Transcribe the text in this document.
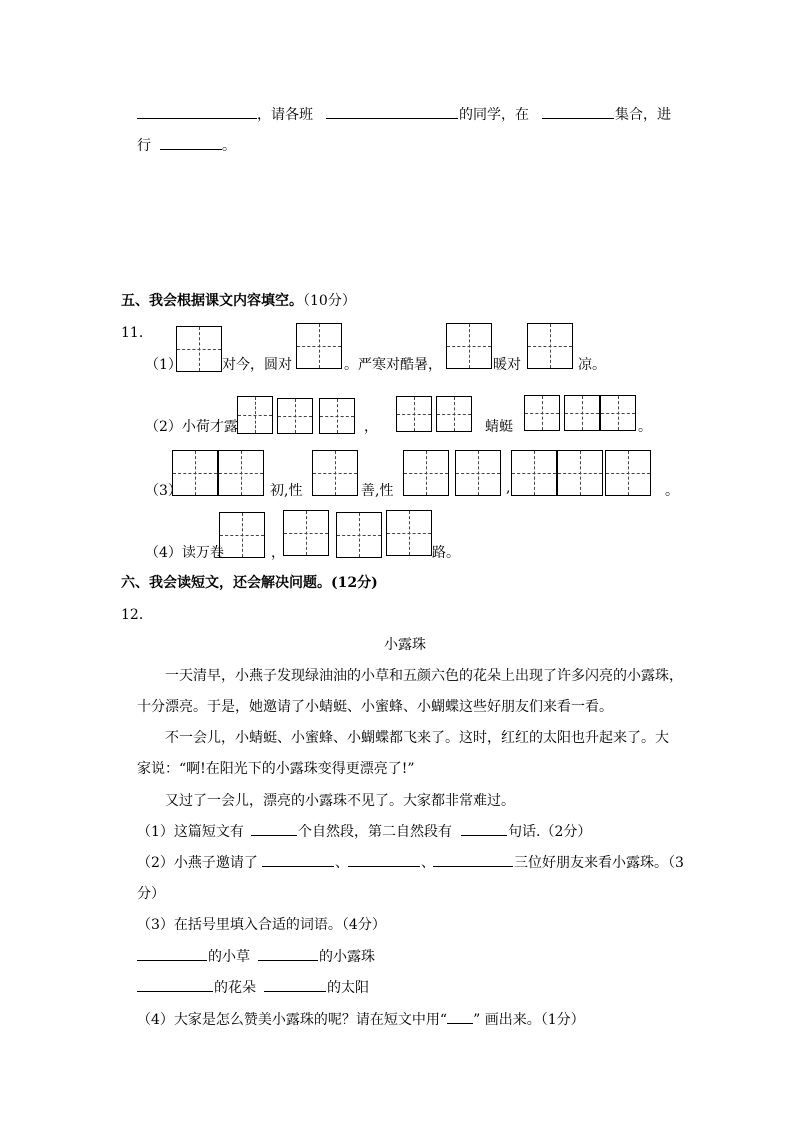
，请各班	的同学，在	集合，进
行	。
五、我会根据课文内容填空。（10分）
11．
（1）	对今，圆对	。严寒对酷暑，	暖对	凉。
（2）小荷才露	，	蜻蜓	。
（3）	初,性	善,性	,	。
（4）读万卷	，	路。
六、我会读短文，还会解决问题。(12分)
12．
小露珠
一天清早，小燕子发现绿油油的小草和五颜六色的花朵上出现了许多闪亮的小露珠，
十分漂亮。于是，她邀请了小蜻蜓、小蜜蜂、小蝴蝶这些好朋友们来看一看。
不一会儿，小蜻蜓、小蜜蜂、小蝴蝶都飞来了。这时，红红的太阳也升起来了。大
家说：“啊!在阳光下的小露珠变得更漂亮了!”
又过了一会儿，漂亮的小露珠不见了。大家都非常难过。
（1）这篇短文有	个自然段，第二自然段有	句话.（2分）
（2）小燕子邀请了	、	、	三位好朋友来看小露珠。（3
分）
（3）在括号里填入合适的词语。（4分）
的小草	的小露珠
的花朵	的太阳
（4）大家是怎么赞美小露珠的呢？请在短文中用“ ” 画出来。（1分）
